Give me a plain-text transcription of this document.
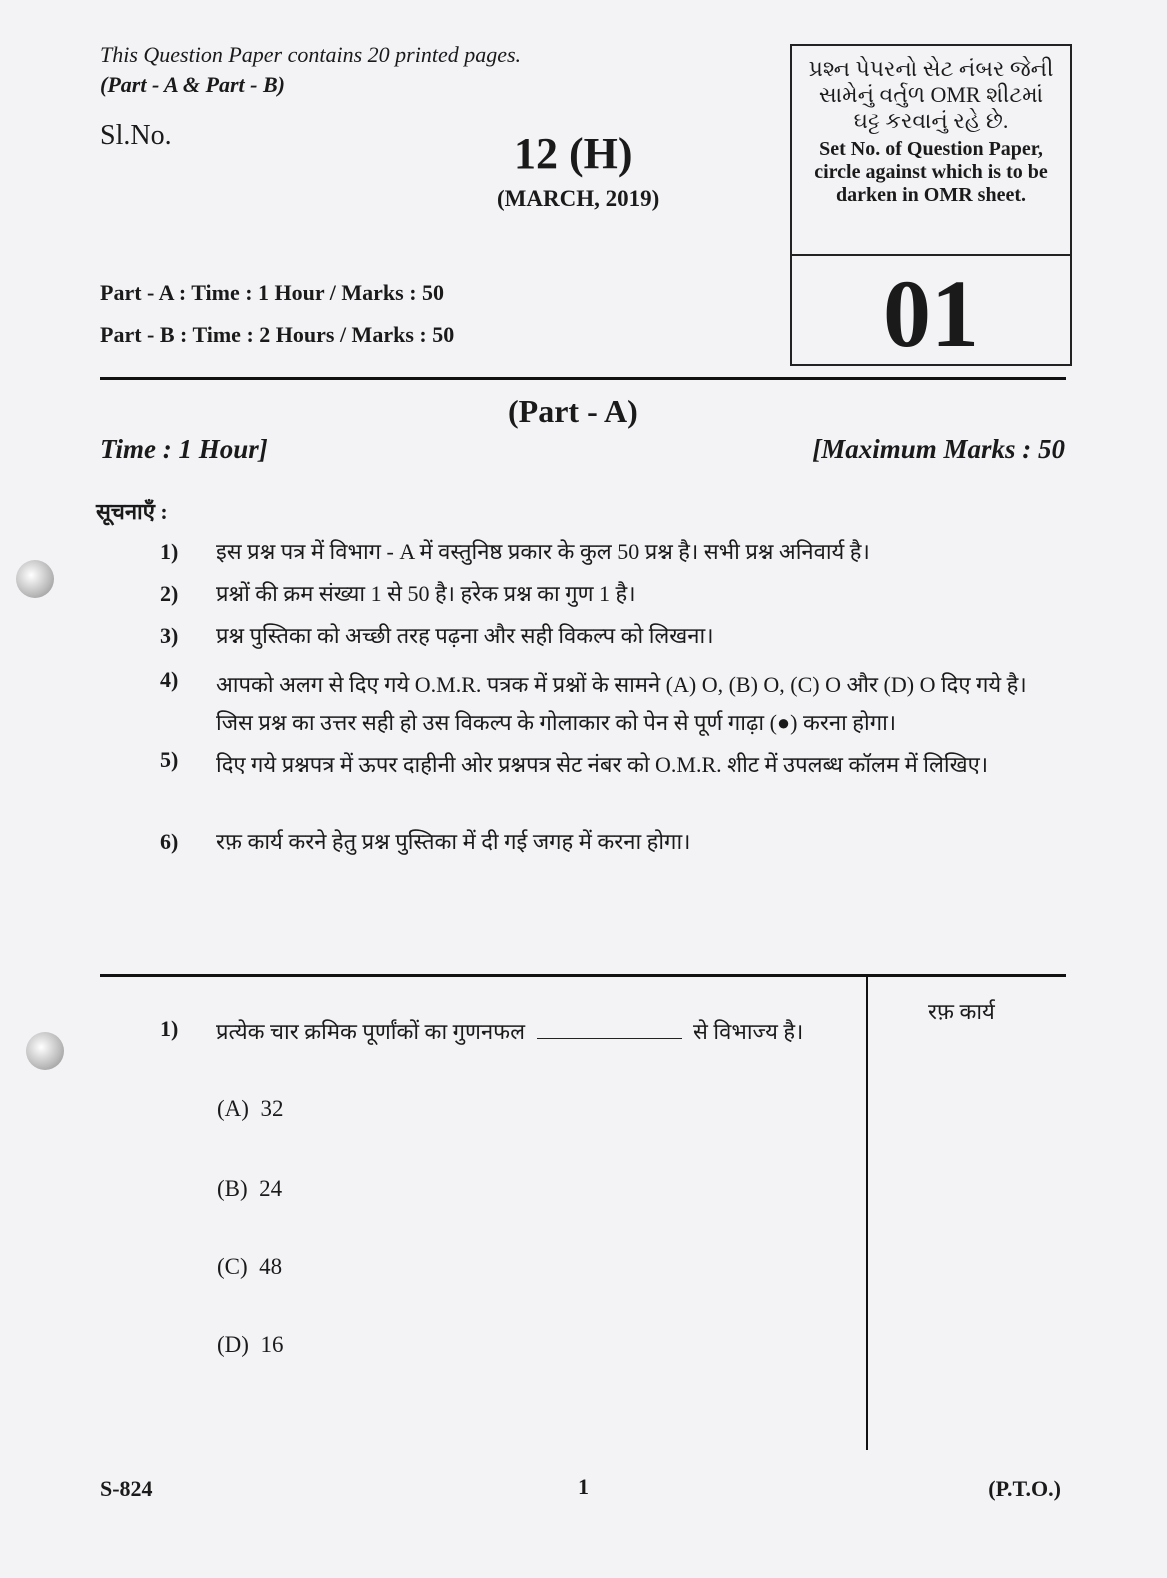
This Question Paper contains 20 printed pages.
(Part - A & Part - B)
Sl.No.	12 (H)
(MARCH, 2019)
Part - A : Time : 1 Hour / Marks : 50
Part - B : Time : 2 Hours / Marks : 50
પ્રશ્ન પેપરનો સેટ નંબર જેની
સામેનું વર્તુળ OMR શીટમાં
ઘટ્ટ કરવાનું રહે છે.
Set No. of Question Paper,
circle against which is to be
darken in OMR sheet.
01
(Part - A)
Time : 1 Hour]	[Maximum Marks : 50
सूचनाएँ :
1) इस प्रश्न पत्र में विभाग - A में वस्तुनिष्ठ प्रकार के कुल 50 प्रश्न है। सभी प्रश्न अनिवार्य है।
2) प्रश्नों की क्रम संख्या 1 से 50 है। हरेक प्रश्न का गुण 1 है।
3) प्रश्न पुस्तिका को अच्छी तरह पढ़ना और सही विकल्प को लिखना।
4) आपको अलग से दिए गये O.M.R. पत्रक में प्रश्नों के सामने (A) O, (B) O, (C) O और (D) O दिए गये है। जिस प्रश्न का उत्तर सही हो उस विकल्प के गोलाकार को पेन से पूर्ण गाढ़ा (●) करना होगा।
5) दिए गये प्रश्नपत्र में ऊपर दाहीनी ओर प्रश्नपत्र सेट नंबर को O.M.R. शीट में उपलब्ध कॉलम में लिखिए।
6) रफ़ कार्य करने हेतु प्रश्न पुस्तिका में दी गई जगह में करना होगा।
रफ़ कार्य
1) प्रत्येक चार क्रमिक पूर्णांकों का गुणनफल	से विभाज्य है।
(A) 32
(B) 24
(C) 48
(D) 16
S-824	1	(P.T.O.)
